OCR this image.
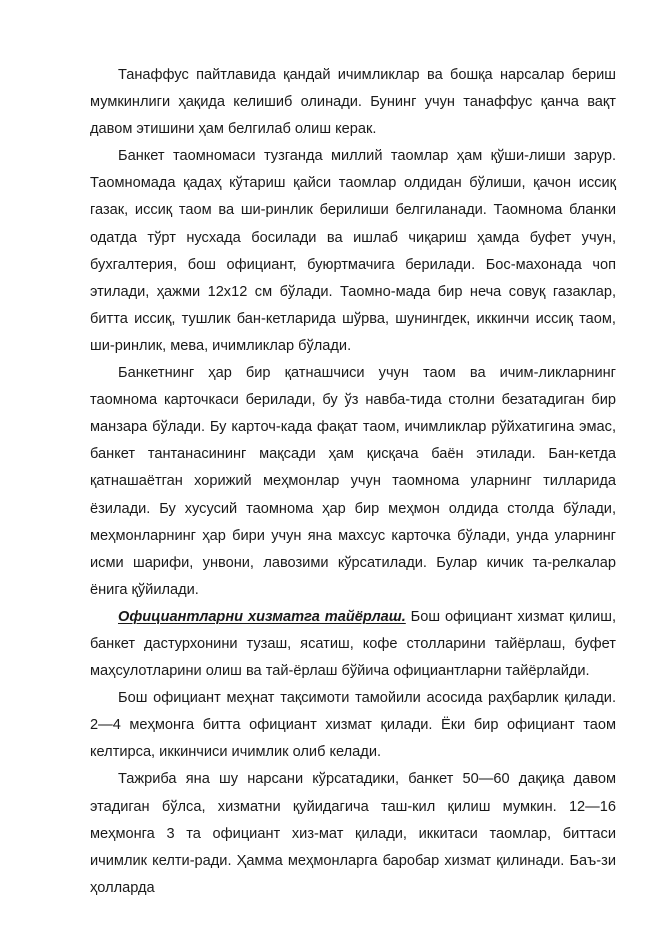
Танаффус пайтлавида қандай ичимликлар ва бошқа нарсалар бериш мумкинлиги ҳақида келишиб олинади. Бунинг учун танаффус қанча вақт давом этишини ҳам белгилаб олиш керак.

Банкет таомномаси тузганда миллий таомлар ҳам қўши-лиши зарур. Таомномада қадаҳ кўтариш қайси таомлар олдидан бўлиши, қачон иссиқ газак, иссиқ таом ва ши-ринлик берилиши белгиланади. Таомнома бланки одатда тўрт нусхада босилади ва ишлаб чиқариш ҳамда буфет учун, бухгалтерия, бош официант, буюртмачига берилади. Бос-махонада чоп этилади, ҳажми 12х12 см бўлади. Таомно-мада бир неча совуқ газаклар, битта иссиқ, тушлик бан-кетларида шўрва, шунингдек, иккинчи иссиқ таом, ши-ринлик, мева, ичимликлар бўлади.

Банкетнинг ҳар бир қатнашчиси учун таом ва ичим-ликларнинг таомнома карточкаси берилади, бу ўз навба-тида столни безатадиган бир манзара бўлади. Бу карточ-када фақат таом, ичимликлар рўйхатигина эмас, банкет тантанасининг мақсади ҳам қисқача баён этилади. Бан-кетда қатнашаётган хорижий меҳмонлар учун таомнома уларнинг тилларида ёзилади. Бу хусусий таомнома ҳар бир меҳмон олдида столда бўлади, меҳмонларнинг ҳар бири учун яна махсус карточка бўлади, унда уларнинг исми шарифи, унвони, лавозими кўрсатилади. Булар кичик та-релкалар ёнига қўйилади.

Официантларни хизматга тайёрлаш. Бош официант хизмат қилиш, банкет дастурхонини тузаш, ясатиш, кофе столларини тайёрлаш, буфет маҳсулотларини олиш ва тай-ёрлаш бўйича официантларни тайёрлайди.

Бош официант меҳнат тақсимоти тамойили асосида раҳбарлик қилади. 2—4 меҳмонга битта официант хизмат қилади. Ёки бир официант таом келтирса, иккинчиси ичимлик олиб келади.

Тажриба яна шу нарсани кўрсатадики, банкет 50—60 дақиқа давом этадиган бўлса, хизматни қуйидагича таш-кил қилиш мумкин. 12—16 меҳмонга 3 та официант хиз-мат қилади, иккитаси таомлар, биттаси ичимлик келти-ради. Ҳамма меҳмонларга баробар хизмат қилинади. Баъ-зи ҳолларда
